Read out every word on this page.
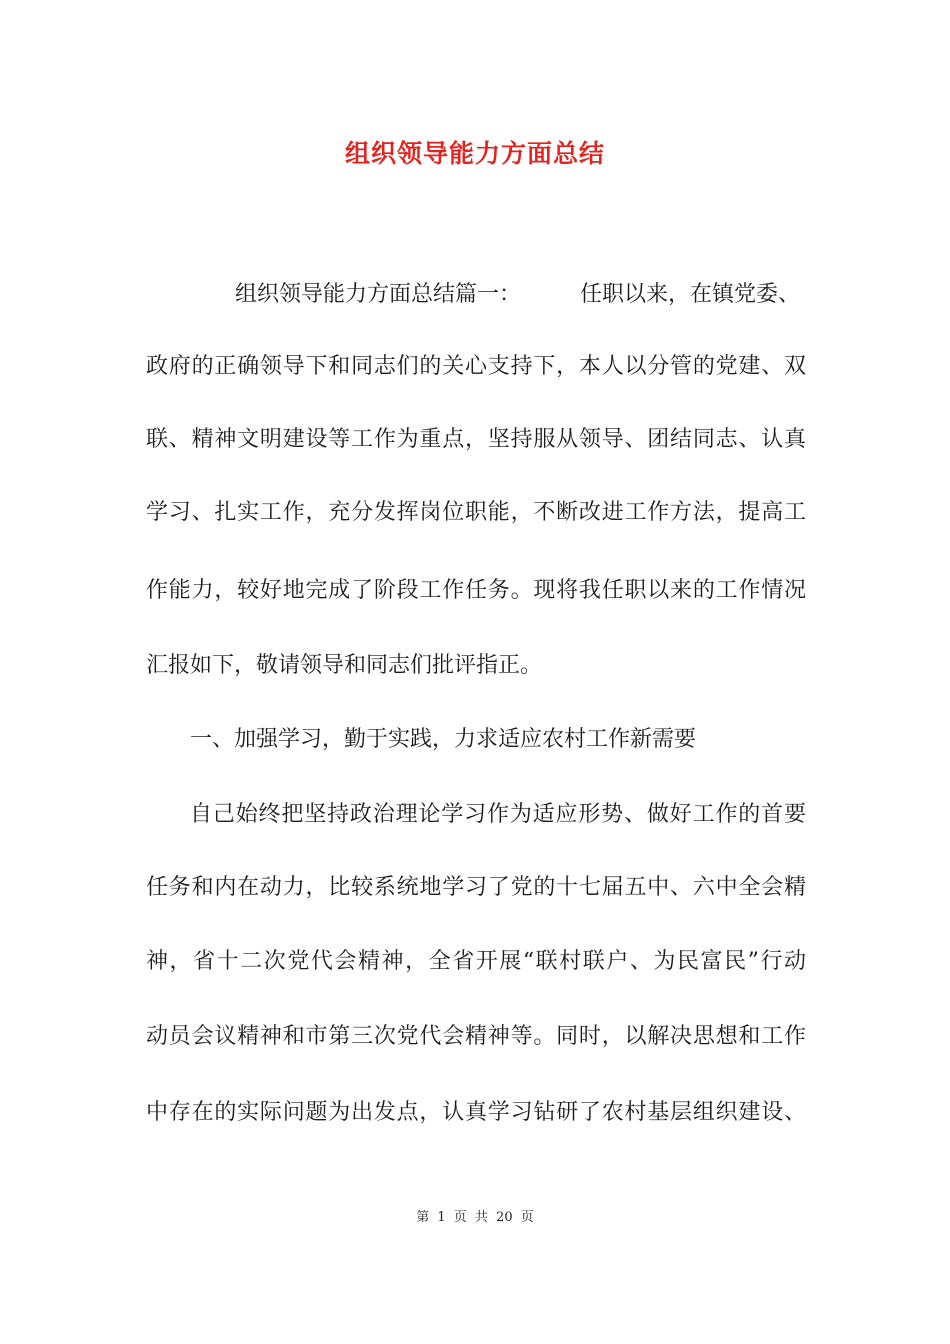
组织领导能力方面总结
组织领导能力方面总结篇一：	任职以来，在镇党委、
政府的正确领导下和同志们的关心支持下，本人以分管的党建、双
联、精神文明建设等工作为重点，坚持服从领导、团结同志、认真
学习、扎实工作，充分发挥岗位职能，不断改进工作方法，提高工
作能力，较好地完成了阶段工作任务。现将我任职以来的工作情况
汇报如下，敬请领导和同志们批评指正。
一、加强学习，勤于实践，力求适应农村工作新需要
自己始终把坚持政治理论学习作为适应形势、做好工作的首要
任务和内在动力，比较系统地学习了党的十七届五中、六中全会精
神，省十二次党代会精神，全省开展“联村联户、为民富民”行动
动员会议精神和市第三次党代会精神等。同时，以解决思想和工作
中存在的实际问题为出发点，认真学习钻研了农村基层组织建设、
第 1 页 共 20 页
